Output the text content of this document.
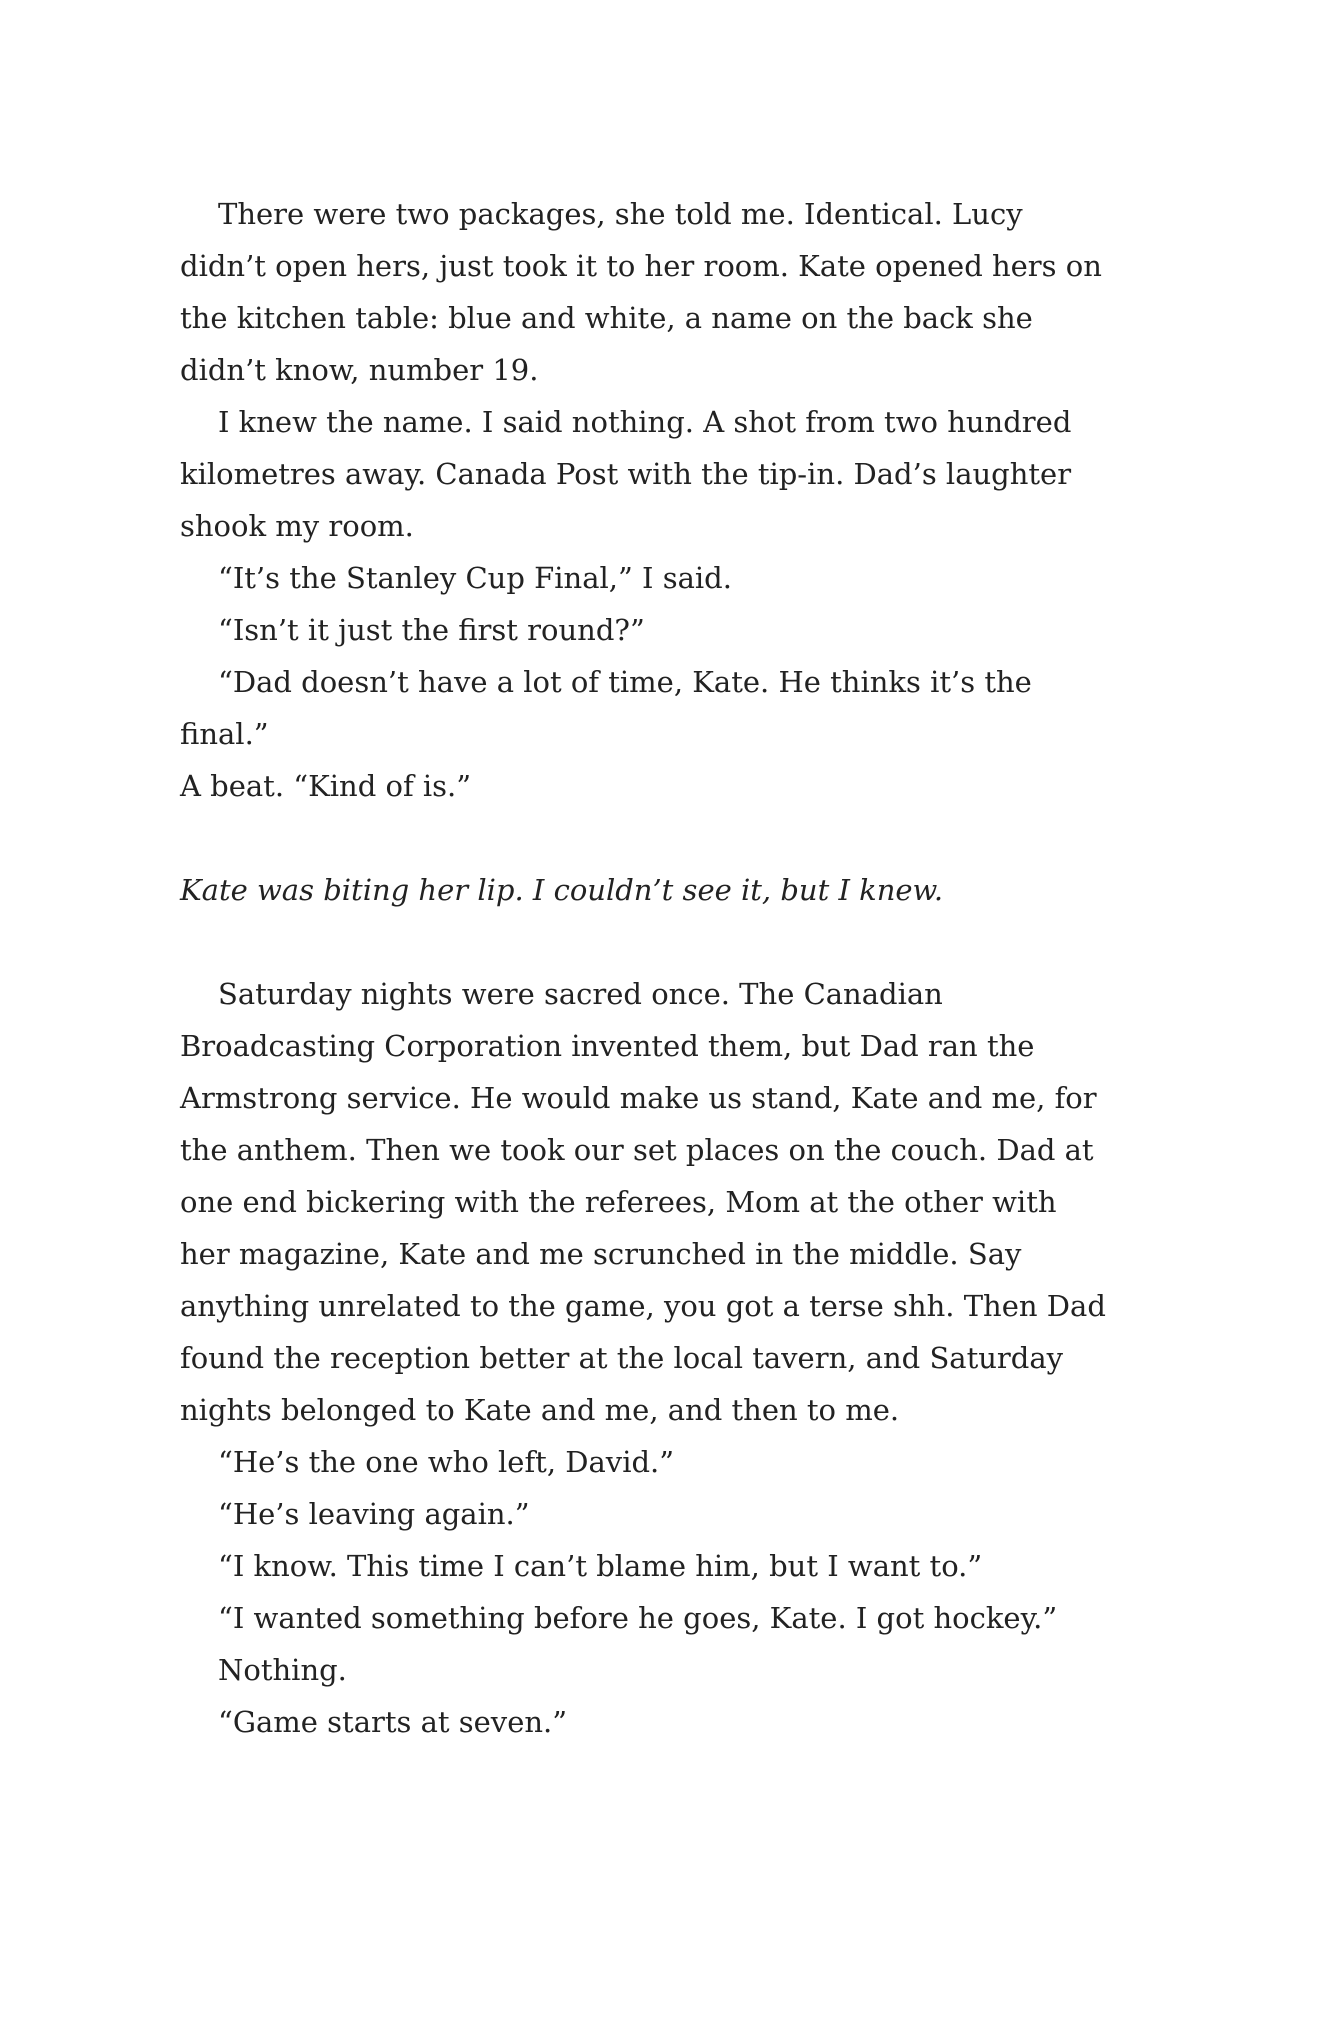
There were two packages, she told me. Identical. Lucy didn’t open hers, just took it to her room. Kate opened hers on the kitchen table: blue and white, a name on the back she didn’t know, number 19.

I knew the name. I said nothing. A shot from two hundred kilometres away. Canada Post with the tip-in. Dad’s laughter shook my room.

“It’s the Stanley Cup Final,” I said.

“Isn’t it just the first round?”

“Dad doesn’t have a lot of time, Kate. He thinks it’s the final.”

A beat. “Kind of is.”

Kate was biting her lip. I couldn’t see it, but I knew.

Saturday nights were sacred once. The Canadian Broadcasting Corporation invented them, but Dad ran the Armstrong service. He would make us stand, Kate and me, for the anthem. Then we took our set places on the couch. Dad at one end bickering with the referees, Mom at the other with her magazine, Kate and me scrunched in the middle. Say anything unrelated to the game, you got a terse shh. Then Dad found the reception better at the local tavern, and Saturday nights belonged to Kate and me, and then to me.

“He’s the one who left, David.”

“He’s leaving again.”

“I know. This time I can’t blame him, but I want to.”

“I wanted something before he goes, Kate. I got hockey.”

Nothing.

“Game starts at seven.”
